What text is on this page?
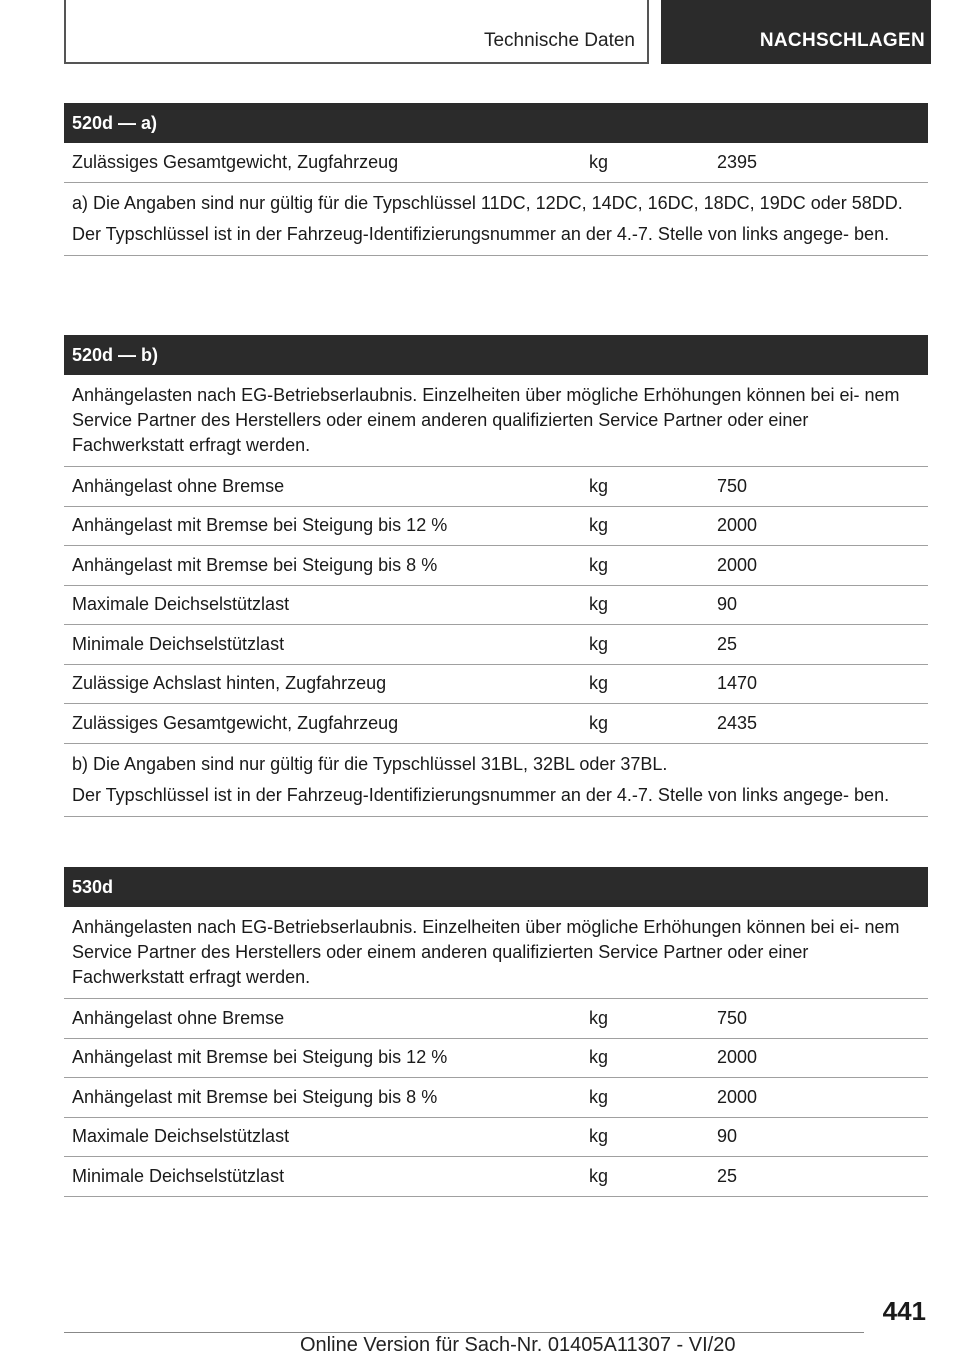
Technische Daten	NACHSCHLAGEN
520d — a)
Zulässiges Gesamtgewicht, Zugfahrzeug	kg	2395

a) Die Angaben sind nur gültig für die Typschlüssel 11DC, 12DC, 14DC, 16DC, 18DC, 19DC oder 58DD.

Der Typschlüssel ist in der Fahrzeug-Identifizierungsnummer an der 4.-7. Stelle von links angege- ben.

520d — b)

Anhängelasten nach EG-Betriebserlaubnis. Einzelheiten über mögliche Erhöhungen können bei ei- nem Service Partner des Herstellers oder einem anderen qualifizierten Service Partner oder einer Fachwerkstatt erfragt werden.

Anhängelast ohne Bremse	kg	750
Anhängelast mit Bremse bei Steigung bis 12 %	kg	2000
Anhängelast mit Bremse bei Steigung bis 8 %	kg	2000
Maximale Deichselstützlast	kg	90
Minimale Deichselstützlast	kg	25
Zulässige Achslast hinten, Zugfahrzeug	kg	1470
Zulässiges Gesamtgewicht, Zugfahrzeug	kg	2435

b) Die Angaben sind nur gültig für die Typschlüssel 31BL, 32BL oder 37BL.

Der Typschlüssel ist in der Fahrzeug-Identifizierungsnummer an der 4.-7. Stelle von links angege- ben.

530d

Anhängelasten nach EG-Betriebserlaubnis. Einzelheiten über mögliche Erhöhungen können bei ei- nem Service Partner des Herstellers oder einem anderen qualifizierten Service Partner oder einer Fachwerkstatt erfragt werden.

Anhängelast ohne Bremse	kg	750
Anhängelast mit Bremse bei Steigung bis 12 %	kg	2000
Anhängelast mit Bremse bei Steigung bis 8 %	kg	2000
Maximale Deichselstützlast	kg	90
Minimale Deichselstützlast	kg	25
441
Online Version für Sach-Nr. 01405A11307 - VI/20
